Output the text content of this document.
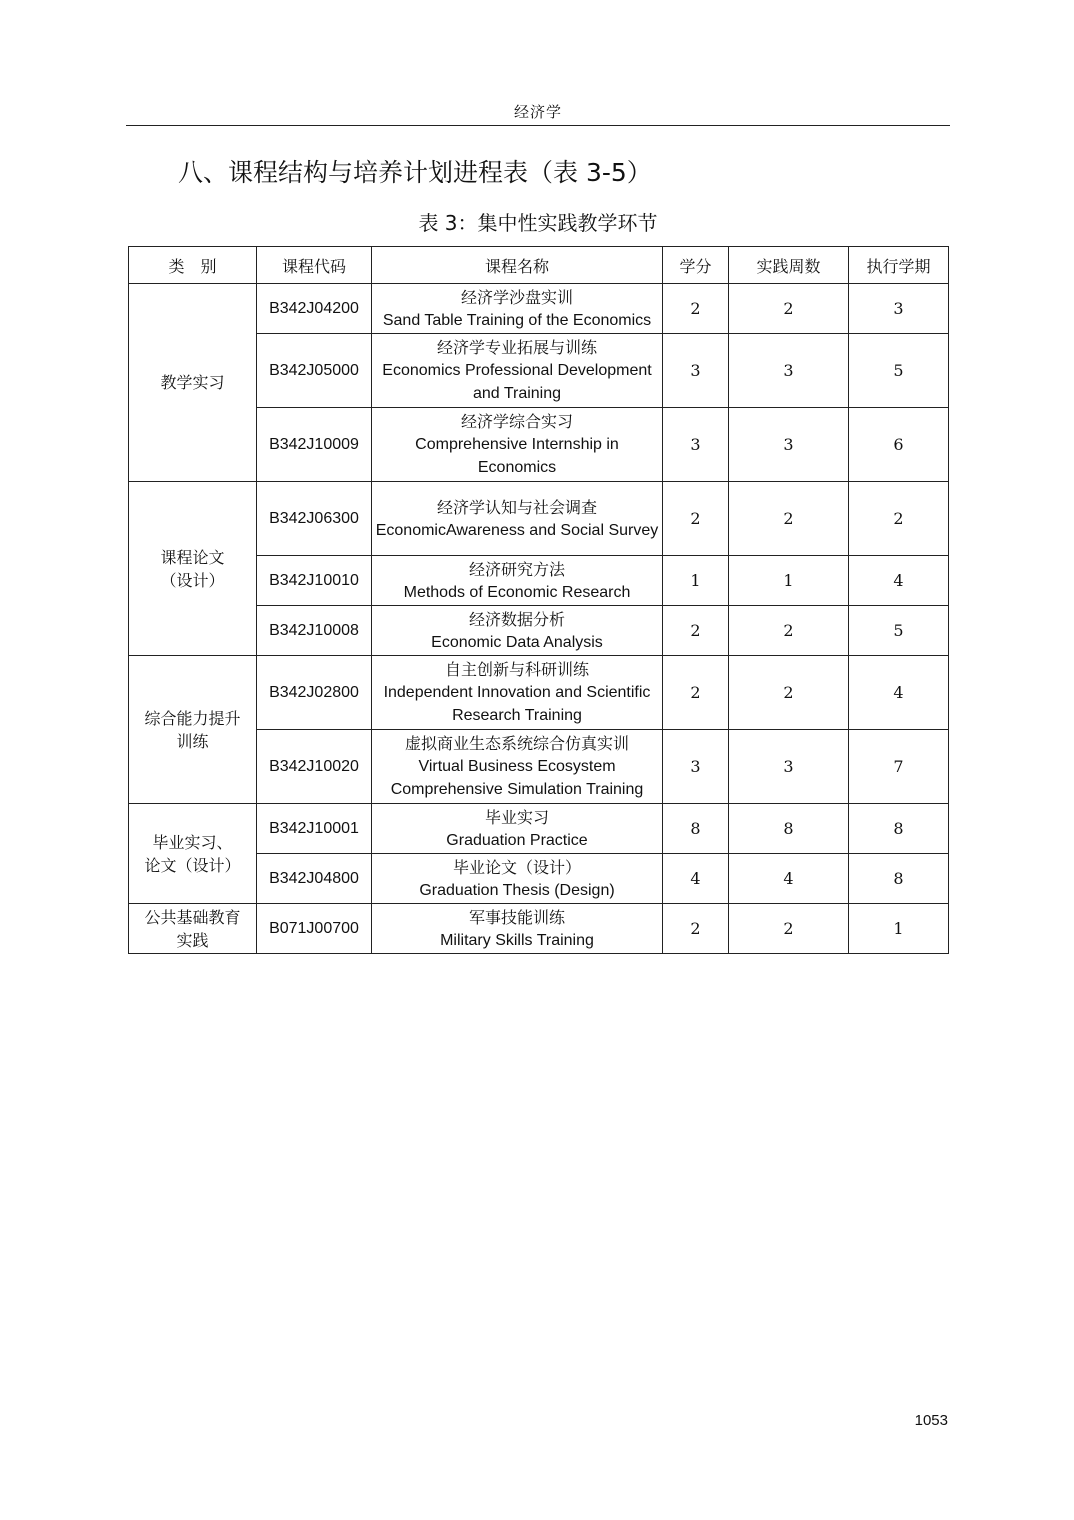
经济学
八、课程结构与培养计划进程表（表 3-5）
表 3：集中性实践教学环节
类　别	课程代码	课程名称	学分	实践周数	执行学期
教学实习	B342J04200	经济学沙盘实训
Sand Table Training of the Economics	2	2	3
	B342J05000	经济学专业拓展与训练
Economics Professional Development and Training	3	3	5
	B342J10009	经济学综合实习
Comprehensive Internship in Economics	3	3	6

课程论文
（设计）	B342J06300	经济学认知与社会调查
EconomicAwareness and Social Survey	2	2	2
	B342J10010	经济研究方法
Methods of Economic Research	1	1	4
	B342J10008	经济数据分析
Economic Data Analysis	2	2	5

综合能力提升
训练	B342J02800	自主创新与科研训练
Independent Innovation and Scientific Research Training	2	2	4
	B342J10020	虚拟商业生态系统综合仿真实训
Virtual Business Ecosystem Comprehensive Simulation Training	3	3	7

毕业实习、
论文（设计）	B342J10001	毕业实习
Graduation Practice	8	8	8
	B342J04800	毕业论文（设计）
Graduation Thesis (Design)	4	4	8

公共基础教育
实践	B071J00700	军事技能训练
Military Skills Training	2	2	1
1053
